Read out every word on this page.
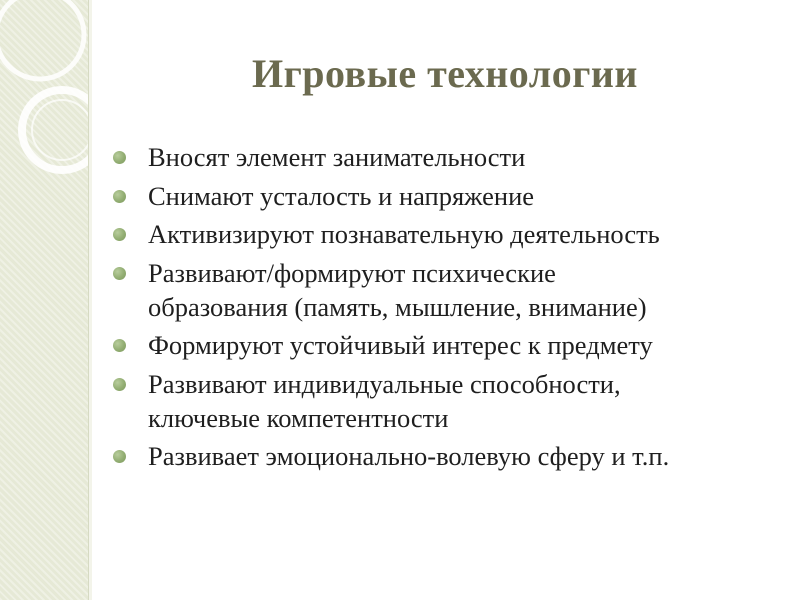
Игровые технологии
Вносят элемент занимательности
Снимают усталость и напряжение
Активизируют познавательную деятельность
Развивают/формируют психические
образования (память, мышление, внимание)
Формируют устойчивый интерес к предмету
Развивают индивидуальные способности,
ключевые компетентности
Развивает эмоционально-волевую сферу и т.п.
